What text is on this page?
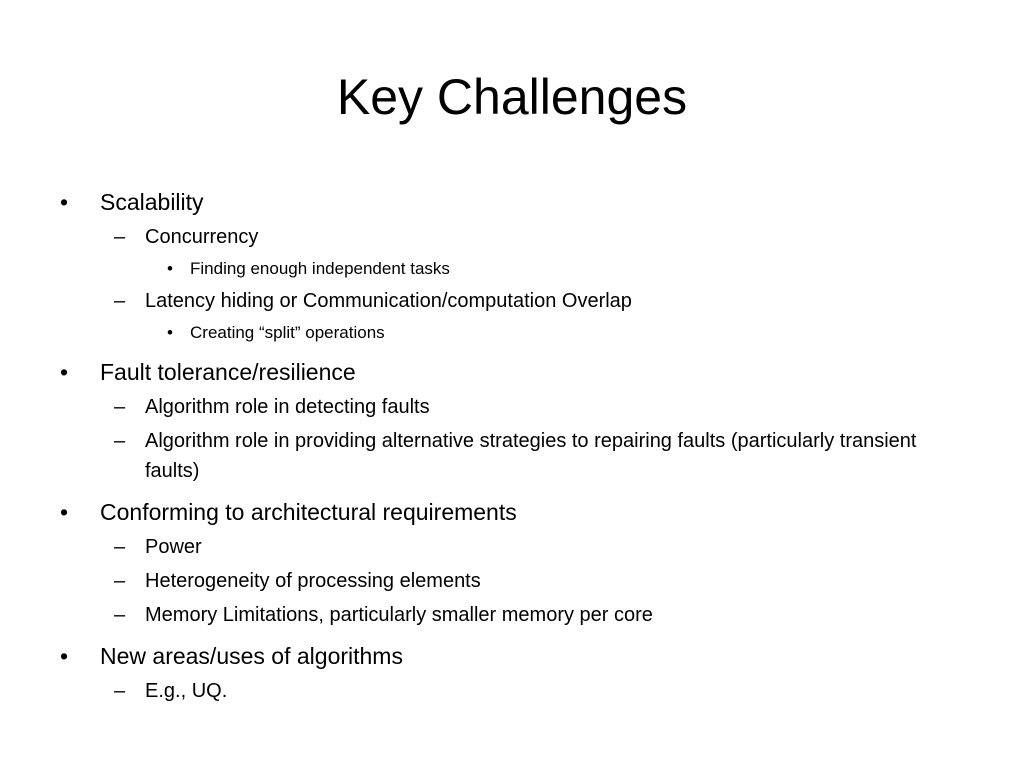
Key Challenges
• Scalability
– Concurrency
• Finding enough independent tasks
– Latency hiding or Communication/computation Overlap
• Creating “split” operations
• Fault tolerance/resilience
– Algorithm role in detecting faults
– Algorithm role in providing alternative strategies to repairing faults (particularly transient faults)
• Conforming to architectural requirements
– Power
– Heterogeneity of processing elements
– Memory Limitations, particularly smaller memory per core
• New areas/uses of algorithms
– E.g., UQ.
